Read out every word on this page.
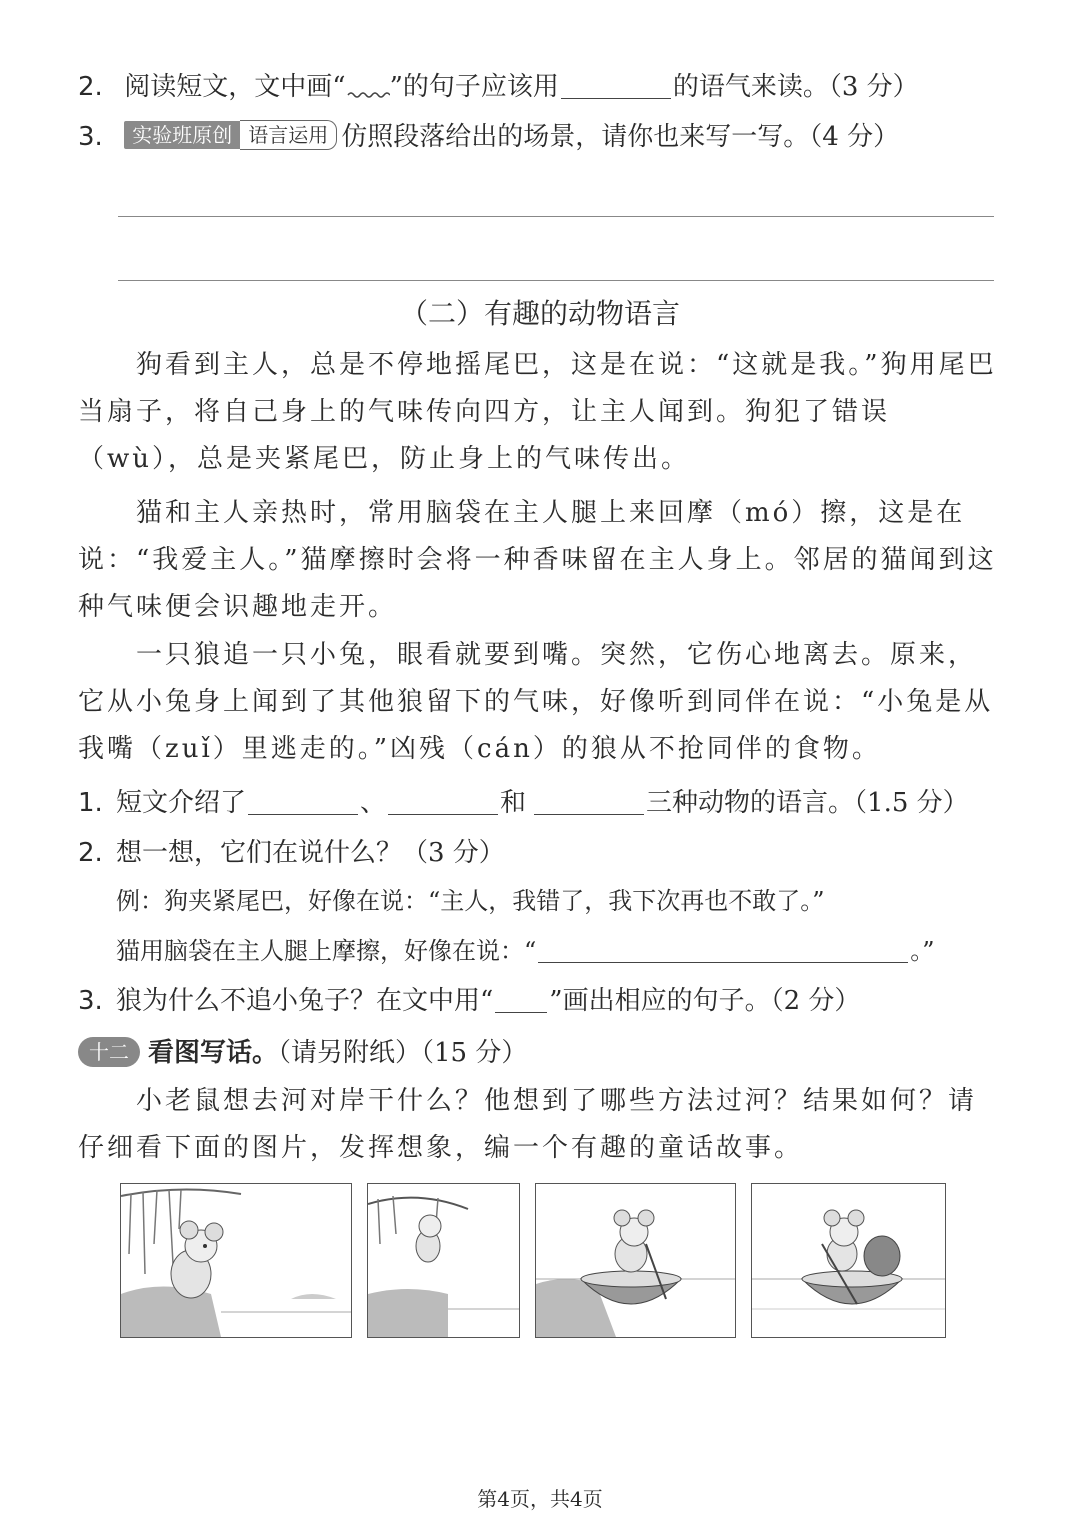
2. 阅读短文，文中画“ ”的句子应该用	的语气来读。（3 分）
3. 实验班原创 语言运用 仿照段落给出的场景，请你也来写一写。（4 分）
（二）有趣的动物语言
狗看到主人，总是不停地摇尾巴，这是在说：“这就是我。”狗用尾巴当扇子，将自己身上的气味传向四方，让主人闻到。狗犯了错误（wù），总是夹紧尾巴，防止身上的气味传出。
猫和主人亲热时，常用脑袋在主人腿上来回摩（mó）擦，这是在说：“我爱主人。”猫摩擦时会将一种香味留在主人身上。邻居的猫闻到这种气味便会识趣地走开。
一只狼追一只小兔，眼看就要到嘴。突然，它伤心地离去。原来，它从小兔身上闻到了其他狼留下的气味，好像听到同伴在说：“小兔是从我嘴（zuǐ）里逃走的。”凶残（cán）的狼从不抢同伴的食物。
1. 短文介绍了	、	和	三种动物的语言。（1.5 分）
2. 想一想，它们在说什么？（3 分）
例：狗夹紧尾巴，好像在说：“主人，我错了，我下次再也不敢了。”
猫用脑袋在主人腿上摩擦，好像在说：“	。”
3. 狼为什么不追小兔子？在文中用“ ”画出相应的句子。（2 分）
十二 看图写话。（请另附纸）（15 分）
小老鼠想去河对岸干什么？他想到了哪些方法过河？结果如何？请仔细看下面的图片，发挥想象，编一个有趣的童话故事。
第4页，共4页
